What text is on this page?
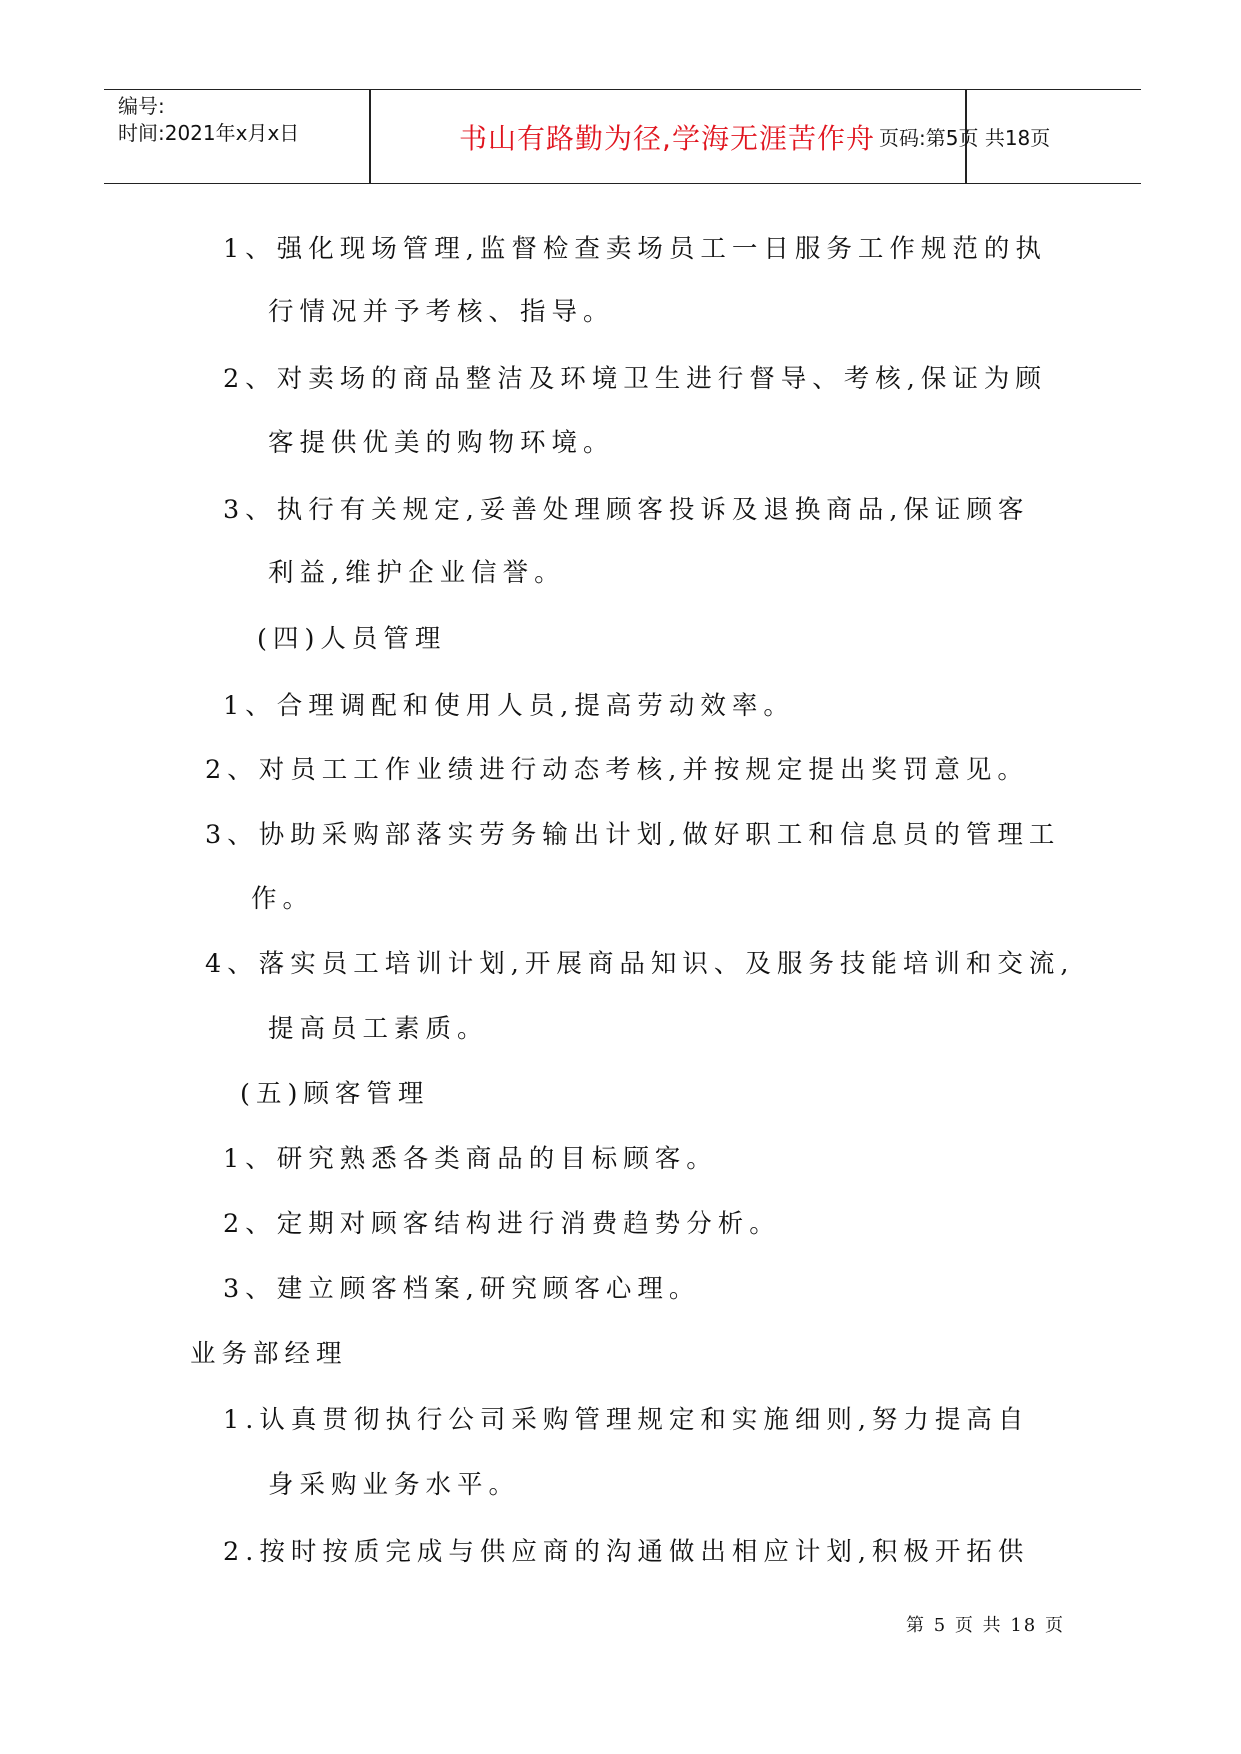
编号:
时间:2021年x月x日	书山有路勤为径,学海无涯苦作舟 页码:第5页 共18页
1、强化现场管理,监督检查卖场员工一日服务工作规范的执
行情况并予考核、指导。
2、对卖场的商品整洁及环境卫生进行督导、考核,保证为顾
客提供优美的购物环境。
3、执行有关规定,妥善处理顾客投诉及退换商品,保证顾客
利益,维护企业信誉。
(四)人员管理
1、合理调配和使用人员,提高劳动效率。
2、对员工工作业绩进行动态考核,并按规定提出奖罚意见。
3、协助采购部落实劳务输出计划,做好职工和信息员的管理工
作。
4、落实员工培训计划,开展商品知识、及服务技能培训和交流,
提高员工素质。
(五)顾客管理
1、研究熟悉各类商品的目标顾客。
2、定期对顾客结构进行消费趋势分析。
3、建立顾客档案,研究顾客心理。
业务部经理
1.认真贯彻执行公司采购管理规定和实施细则,努力提高自
身采购业务水平。
2.按时按质完成与供应商的沟通做出相应计划,积极开拓供
第 5 页 共 18 页
